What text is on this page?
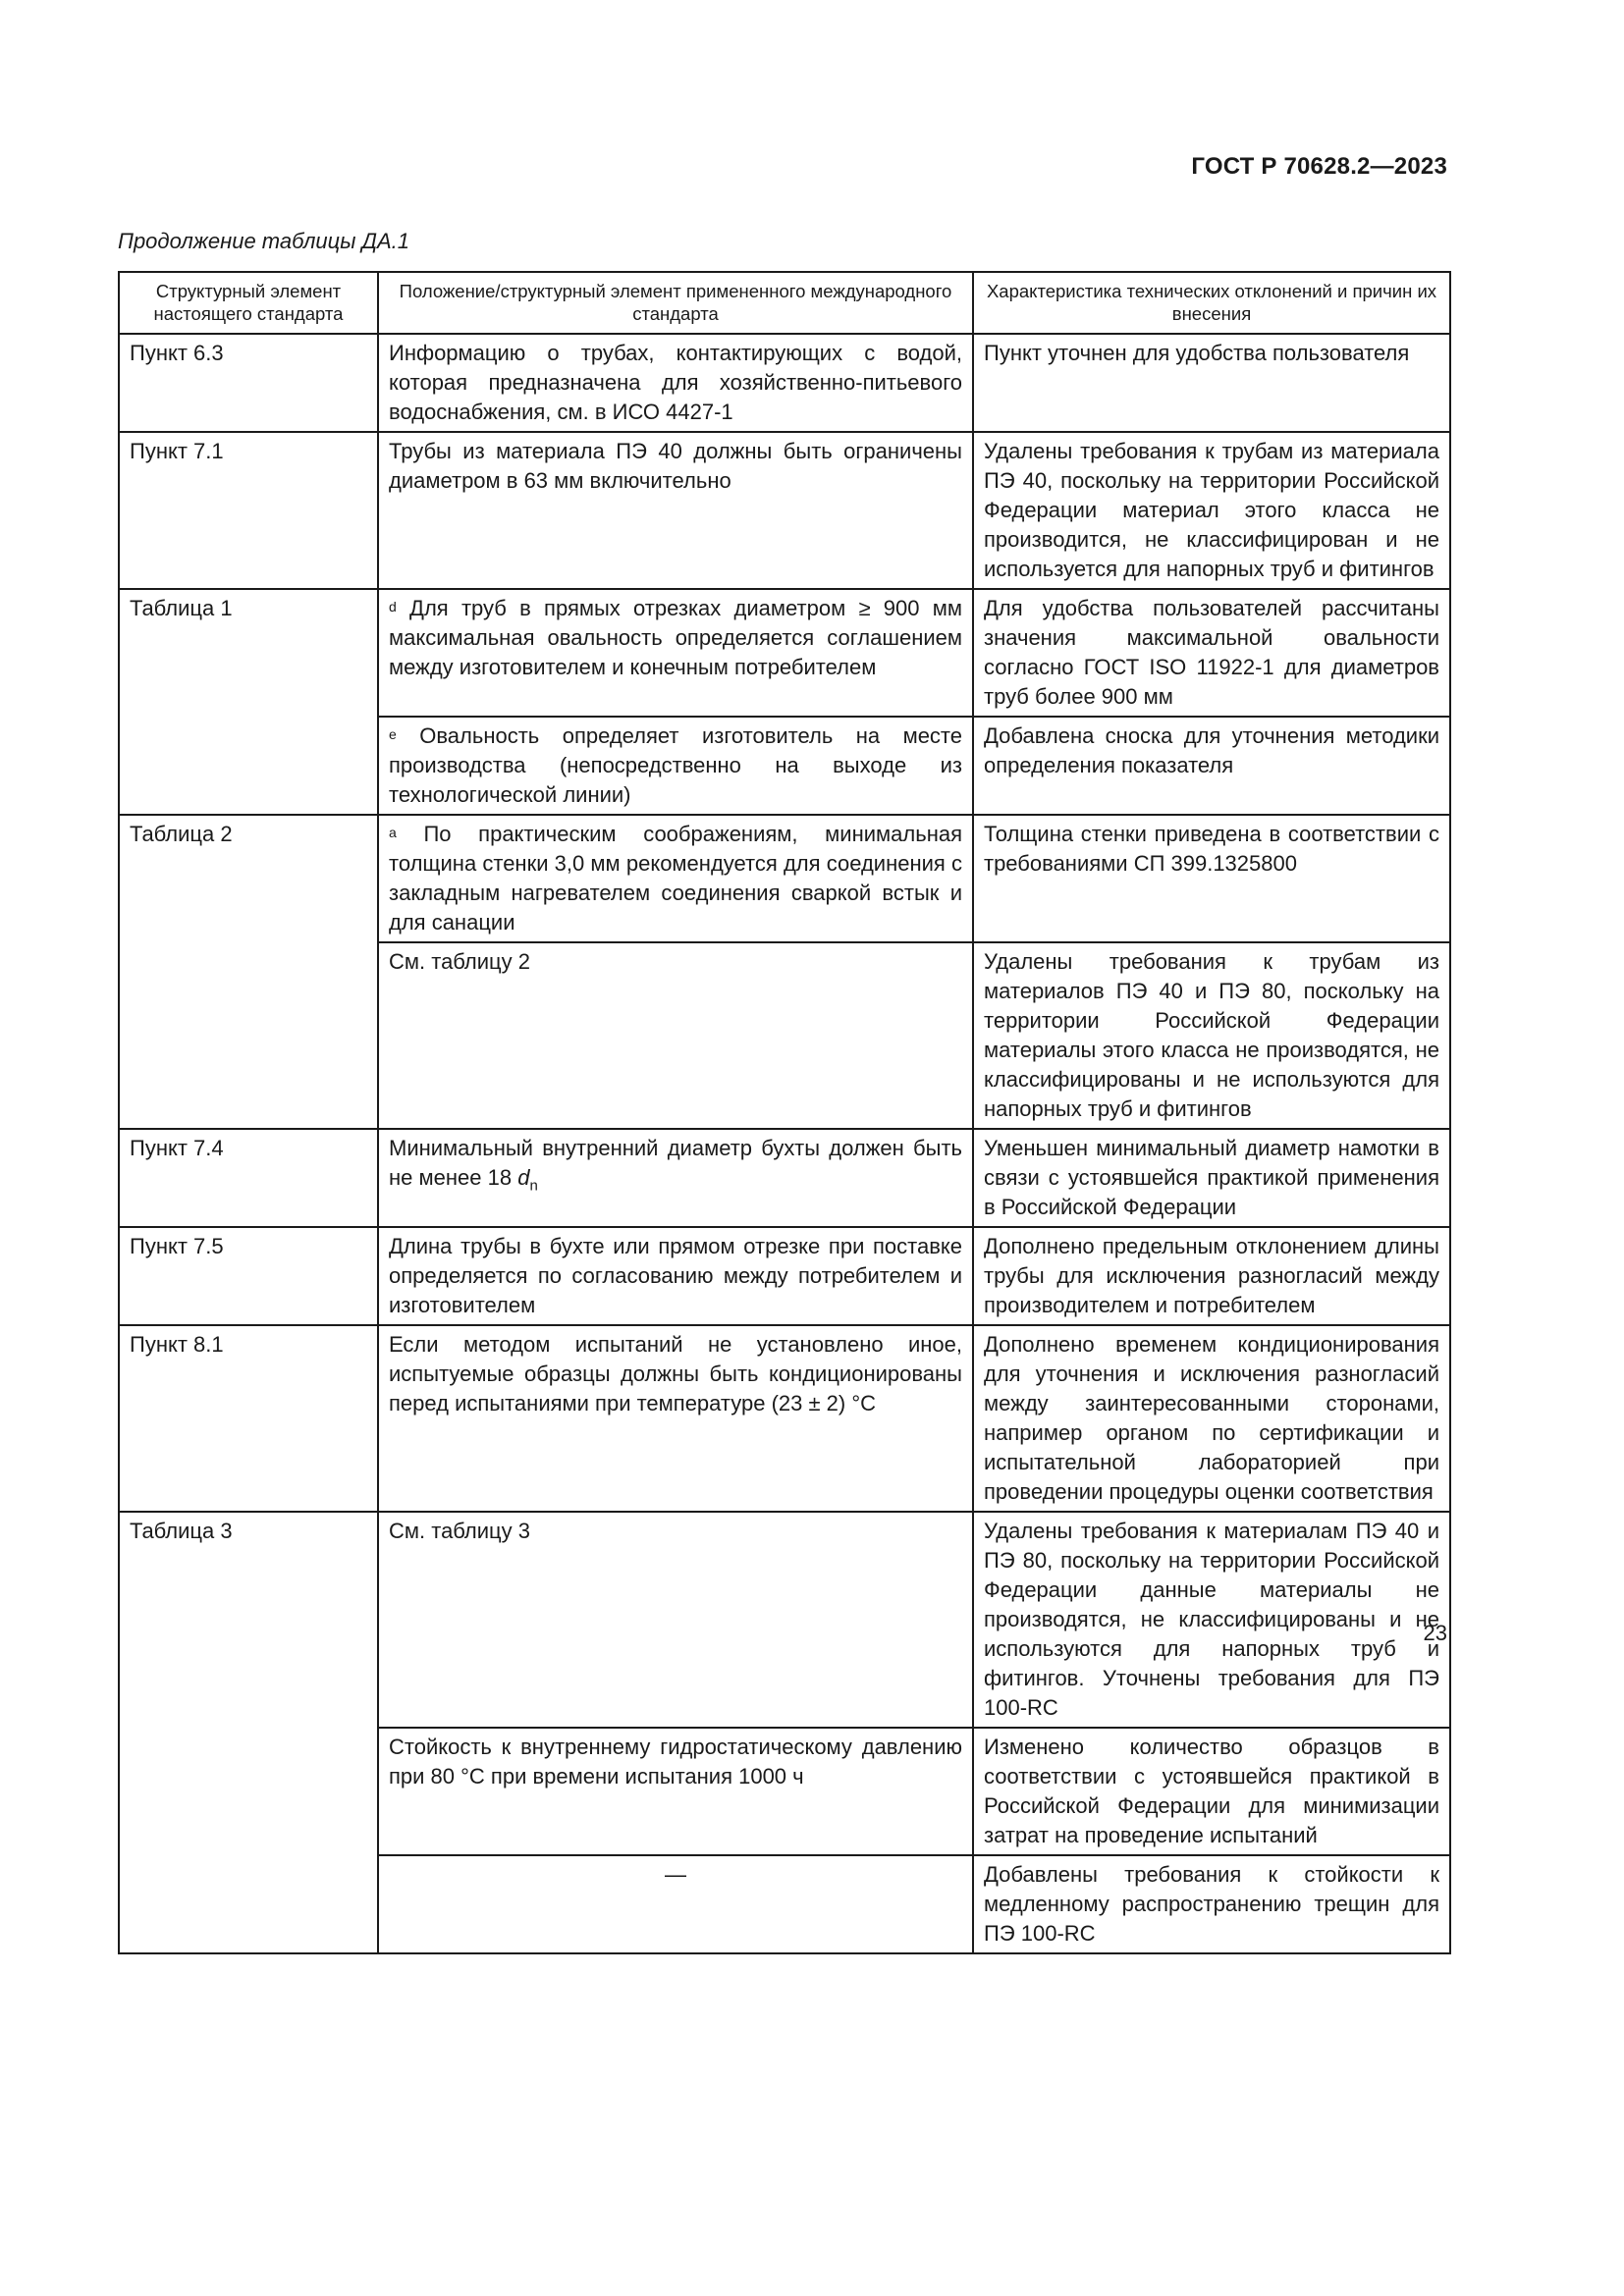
ГОСТ Р 70628.2—2023
Продолжение таблицы ДА.1
Структурный элемент настоящего стандарта	Положение/структурный элемент примененного международного стандарта	Характеристика технических отклонений и причин их внесения
Пункт 6.3	Информацию о трубах, контактирующих с водой, которая предназначена для хозяйственно-питьевого водоснабжения, см. в ИСО 4427-1	Пункт уточнен для удобства пользователя
Пункт 7.1	Трубы из материала ПЭ 40 должны быть ограничены диаметром в 63 мм включительно	Удалены требования к трубам из материала ПЭ 40, поскольку на территории Российской Федерации материал этого класса не производится, не классифицирован и не используется для напорных труб и фитингов
Таблица 1	$^d$ Для труб в прямых отрезках диаметром ≥ 900 мм максимальная овальность определяется соглашением между изготовителем и конечным потребителем	Для удобства пользователей рассчитаны значения максимальной овальности согласно ГОСТ ISO 11922-1 для диаметров труб более 900 мм
	$^e$ Овальность определяет изготовитель на месте производства (непосредственно на выходе из технологической линии)	Добавлена сноска для уточнения методики определения показателя
Таблица 2	$^a$ По практическим соображениям, минимальная толщина стенки 3,0 мм рекомендуется для соединения с закладным нагревателем соединения сваркой встык и для санации	Толщина стенки приведена в соответствии с требованиями СП 399.1325800
	См. таблицу 2	Удалены требования к трубам из материалов ПЭ 40 и ПЭ 80, поскольку на территории Российской Федерации материалы этого класса не производятся, не классифицированы и не используются для напорных труб и фитингов
Пункт 7.4	Минимальный внутренний диаметр бухты должен быть не менее 18 $d_n$	Уменьшен минимальный диаметр намотки в связи с устоявшейся практикой применения в Российской Федерации
Пункт 7.5	Длина трубы в бухте или прямом отрезке при поставке определяется по согласованию между потребителем и изготовителем	Дополнено предельным отклонением длины трубы для исключения разногласий между производителем и потребителем
Пункт 8.1	Если методом испытаний не установлено иное, испытуемые образцы должны быть кондиционированы перед испытаниями при температуре (23 ± 2) °С	Дополнено временем кондиционирования для уточнения и исключения разногласий между заинтересованными сторонами, например органом по сертификации и испытательной лабораторией при проведении процедуры оценки соответствия
Таблица 3	См. таблицу 3	Удалены требования к материалам ПЭ 40 и ПЭ 80, поскольку на территории Российской Федерации данные материалы не производятся, не классифицированы и не используются для напорных труб и фитингов. Уточнены требования для ПЭ 100-RC
	Стойкость к внутреннему гидростатическому давлению при 80 °С при времени испытания 1000 ч	Изменено количество образцов в соответствии с устоявшейся практикой в Российской Федерации для минимизации затрат на проведение испытаний
	—	Добавлены требования к стойкости к медленному распространению трещин для ПЭ 100-RC
23
